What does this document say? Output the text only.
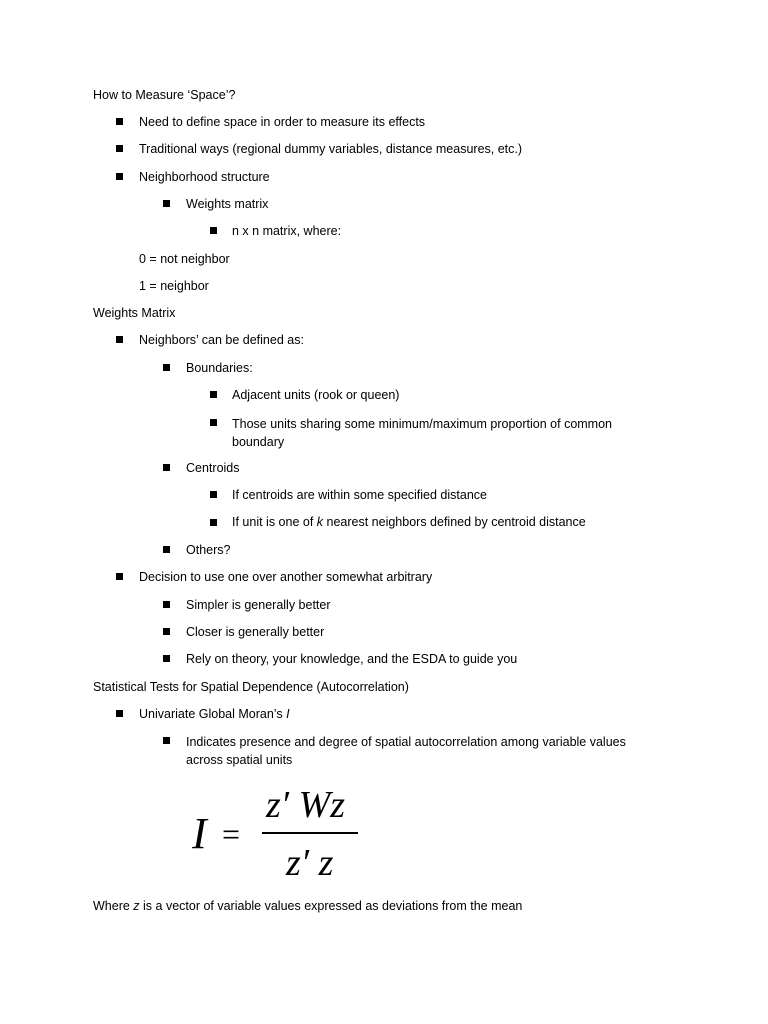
How to Measure ‘Space’?
Need to define space in order to measure its effects
Traditional ways (regional dummy variables, distance measures, etc.)
Neighborhood structure
Weights matrix
n x n matrix, where:
0 = not neighbor
1 = neighbor
Weights Matrix
Neighbors’ can be defined as:
Boundaries:
Adjacent units (rook or queen)
Those units sharing some minimum/maximum proportion of common boundary
Centroids
If centroids are within some specified distance
If unit is one of k nearest neighbors defined by centroid distance
Others?
Decision to use one over another somewhat arbitrary
Simpler is generally better
Closer is generally better
Rely on theory, your knowledge, and the ESDA to guide you
Statistical Tests for Spatial Dependence (Autocorrelation)
Univariate Global Moran’s I
Indicates presence and degree of spatial autocorrelation among variable values across spatial units
I =
z′ Wz
z′ z
Where z is a vector of variable values expressed as deviations from the mean
